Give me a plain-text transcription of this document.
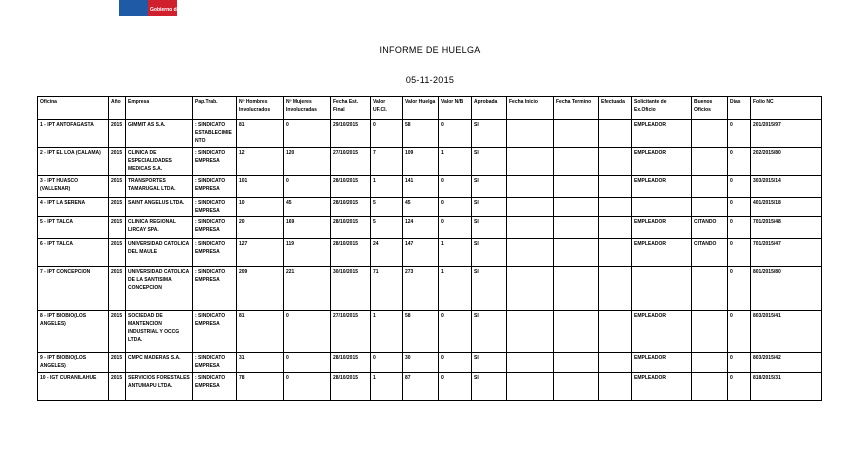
Gobierno de Chile
INFORME DE HUELGA
05-11-2015
Oficina	Año	Empresa	Pap.Trab.	Nº Hombres Involucrados	Nº Mujeres Involucradas	Fecha Est. Final	Valor UF.CI.	Valor Huelga	Valor N/B	Aprobada	Fecha Inicio	Fecha Termino	Efectuada	Solicitante de Ex.Oficio	Buenos Oficios	Días	Folio NC
1 - IPT ANTOFAGASTA	2015	GIMMIT AS S.A.	: SINDICATO ESTABLECIMIENTO	81	0	29/10/2015	0	58	0	SI				EMPLEADOR		0	201/2015/97
2 - IPT EL LOA (CALAMA)	2015	CLINICA DE ESPECIALIDADES MEDICAS S.A.	: SINDICATO EMPRESA	12	120	27/10/2015	7	109	1	SI				EMPLEADOR		0	202/2015/80
3 - IPT HUASCO (VALLENAR)	2015	TRANSPORTES TAMARUGAL LTDA.	: SINDICATO EMPRESA	101	0	28/10/2015	1	141	0	SI				EMPLEADOR		0	303/2015/14
4 - IPT LA SERENA	2015	SAINT ANGELUS LTDA.	: SINDICATO EMPRESA	10	45	28/10/2015	5	45	0	SI						0	401/2015/18
5 - IPT TALCA	2015	CLINICA REGIONAL LIRCAY SPA.	: SINDICATO EMPRESA	20	169	28/10/2015	5	124	0	SI				EMPLEADOR	CITANDO	0	701/2015/48
6 - IPT TALCA	2015	UNIVERSIDAD CATOLICA DEL MAULE	: SINDICATO EMPRESA	127	119	28/10/2015	24	147	1	SI				EMPLEADOR	CITANDO	0	701/2015/47
7 - IPT CONCEPCION	2015	UNIVERSIDAD CATOLICA DE LA SANTISIMA CONCEPCION	: SINDICATO EMPRESA	209	221	30/10/2015	71	273	1	SI						0	801/2015/80
8 - IPT BIOBIO(LOS ANGELES)	2015	SOCIEDAD DE MANTENCION INDUSTRIAL Y OCCG LTDA.	: SINDICATO EMPRESA	81	0	27/10/2015	1	58	0	SI				EMPLEADOR		0	803/2015/41
9 - IPT BIOBIO(LOS ANGELES)	2015	CMPC MADERAS S.A.	: SINDICATO EMPRESA	31	0	28/10/2015	0	30	0	SI				EMPLEADOR		0	803/2015/42
10 - IGT CURANILAHUE	2015	SERVICIOS FORESTALES ANTUMAPU LTDA.	: SINDICATO EMPRESA	78	0	28/10/2015	1	87	0	SI				EMPLEADOR		0	818/2015/31
